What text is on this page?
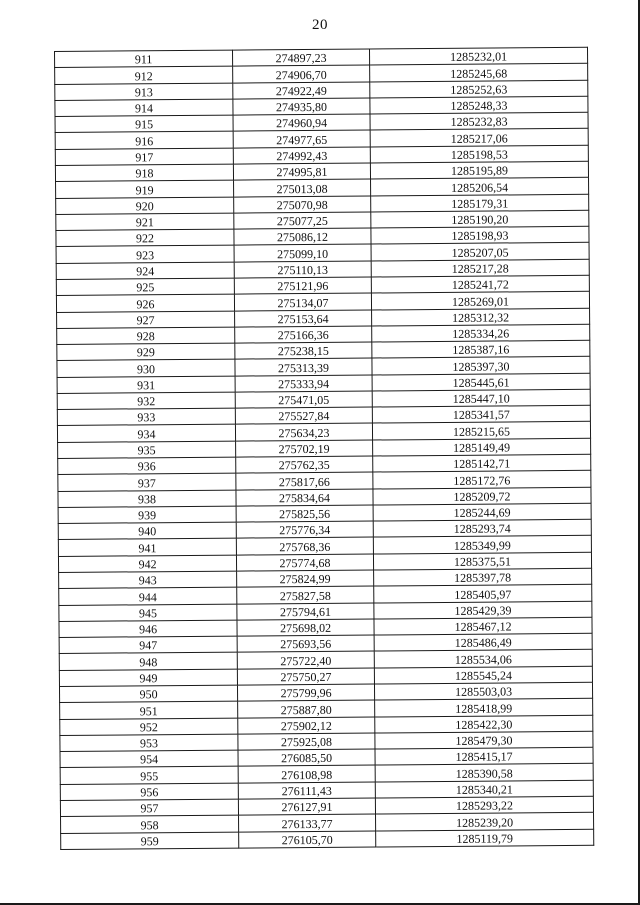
20
911	274897,23	1285232,01
912	274906,70	1285245,68
913	274922,49	1285252,63
914	274935,80	1285248,33
915	274960,94	1285232,83
916	274977,65	1285217,06
917	274992,43	1285198,53
918	274995,81	1285195,89
919	275013,08	1285206,54
920	275070,98	1285179,31
921	275077,25	1285190,20
922	275086,12	1285198,93
923	275099,10	1285207,05
924	275110,13	1285217,28
925	275121,96	1285241,72
926	275134,07	1285269,01
927	275153,64	1285312,32
928	275166,36	1285334,26
929	275238,15	1285387,16
930	275313,39	1285397,30
931	275333,94	1285445,61
932	275471,05	1285447,10
933	275527,84	1285341,57
934	275634,23	1285215,65
935	275702,19	1285149,49
936	275762,35	1285142,71
937	275817,66	1285172,76
938	275834,64	1285209,72
939	275825,56	1285244,69
940	275776,34	1285293,74
941	275768,36	1285349,99
942	275774,68	1285375,51
943	275824,99	1285397,78
944	275827,58	1285405,97
945	275794,61	1285429,39
946	275698,02	1285467,12
947	275693,56	1285486,49
948	275722,40	1285534,06
949	275750,27	1285545,24
950	275799,96	1285503,03
951	275887,80	1285418,99
952	275902,12	1285422,30
953	275925,08	1285479,30
954	276085,50	1285415,17
955	276108,98	1285390,58
956	276111,43	1285340,21
957	276127,91	1285293,22
958	276133,77	1285239,20
959	276105,70	1285119,79
